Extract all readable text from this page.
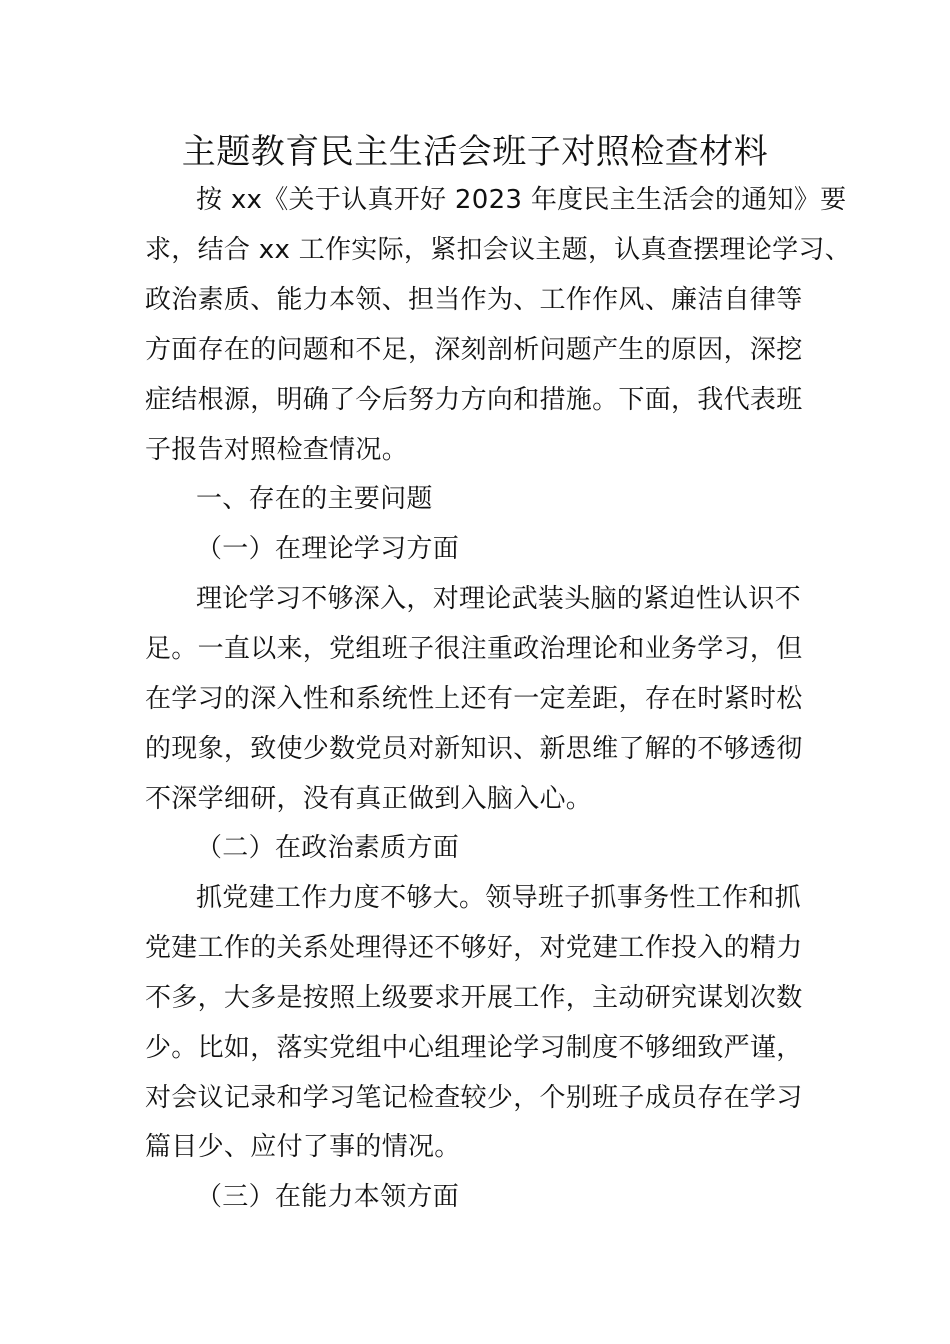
主题教育民主生活会班子对照检查材料
按 xx《关于认真开好 2023 年度民主生活会的通知》要
求，结合 xx 工作实际，紧扣会议主题，认真查摆理论学习、
政治素质、能力本领、担当作为、工作作风、廉洁自律等
方面存在的问题和不足，深刻剖析问题产生的原因，深挖
症结根源，明确了今后努力方向和措施。下面，我代表班
子报告对照检查情况。
一、存在的主要问题
（一）在理论学习方面
理论学习不够深入，对理论武装头脑的紧迫性认识不
足。一直以来，党组班子很注重政治理论和业务学习，但
在学习的深入性和系统性上还有一定差距，存在时紧时松
的现象，致使少数党员对新知识、新思维了解的不够透彻
不深学细研，没有真正做到入脑入心。
（二）在政治素质方面
抓党建工作力度不够大。领导班子抓事务性工作和抓
党建工作的关系处理得还不够好，对党建工作投入的精力
不多，大多是按照上级要求开展工作，主动研究谋划次数
少。比如，落实党组中心组理论学习制度不够细致严谨，
对会议记录和学习笔记检查较少，个别班子成员存在学习
篇目少、应付了事的情况。
（三）在能力本领方面
